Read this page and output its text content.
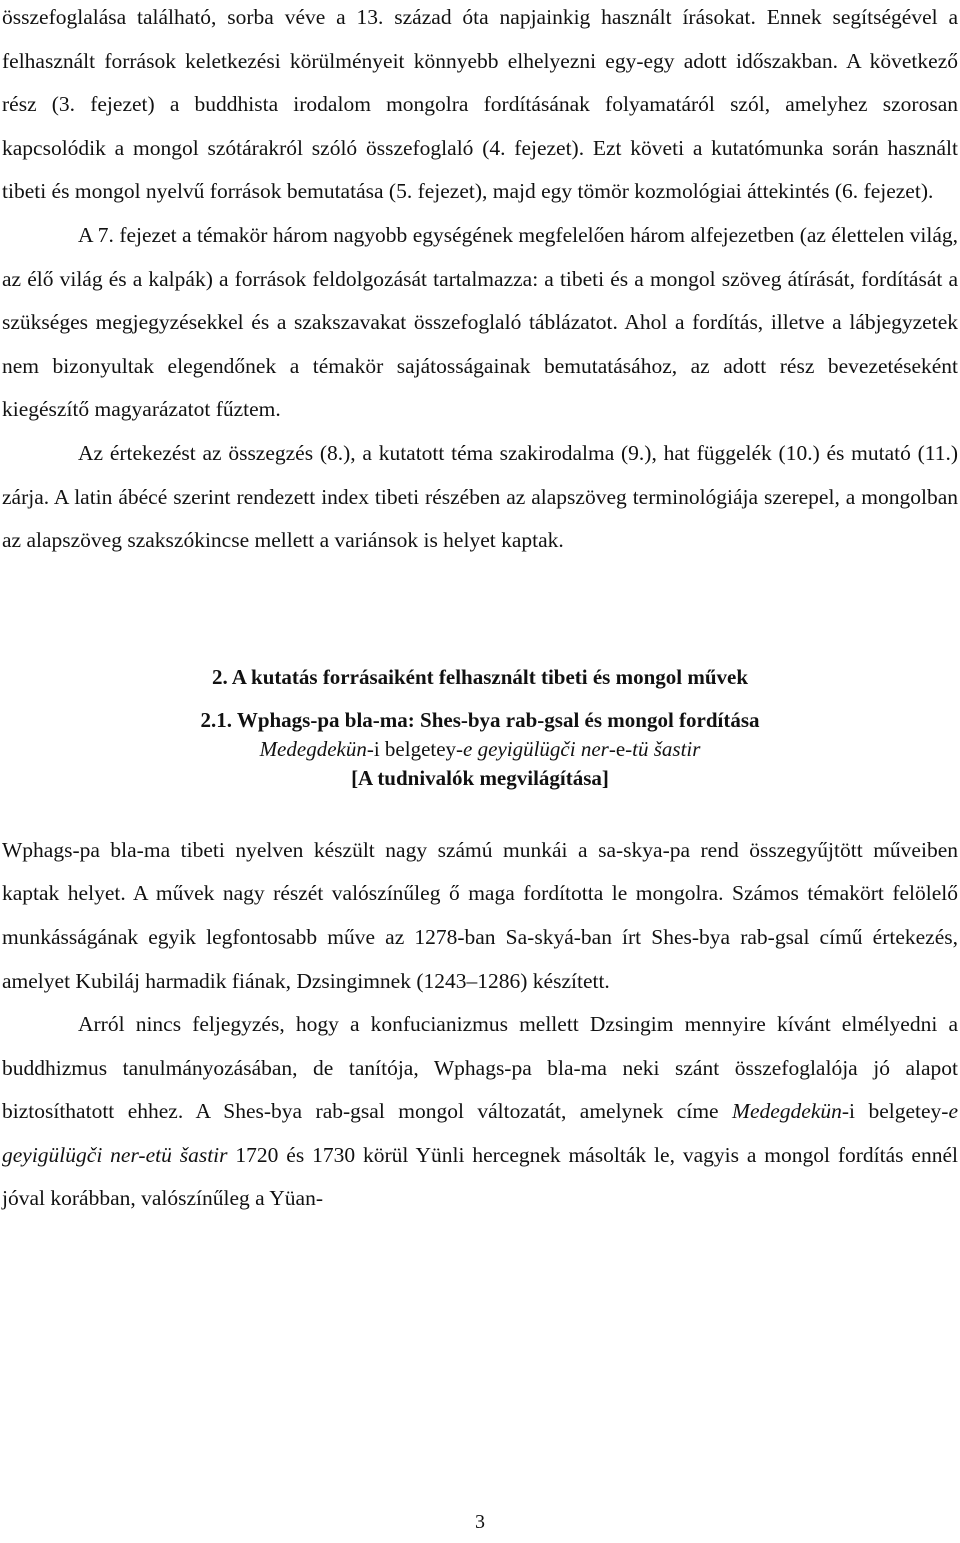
összefoglalása található, sorba véve a 13. század óta napjainkig használt írásokat. Ennek segítségével a felhasznált források keletkezési körülményeit könnyebb elhelyezni egy-egy adott időszakban. A következő rész (3. fejezet) a buddhista irodalom mongolra fordításának folyamatáról szól, amelyhez szorosan kapcsolódik a mongol szótárakról szóló összefoglaló (4. fejezet). Ezt követi a kutatómunka során használt tibeti és mongol nyelvű források bemutatása (5. fejezet), majd egy tömör kozmológiai áttekintés (6. fejezet).

A 7. fejezet a témakör három nagyobb egységének megfelelően három alfejezetben (az élettelen világ, az élő világ és a kalpák) a források feldolgozását tartalmazza: a tibeti és a mongol szöveg átírását, fordítását a szükséges megjegyzésekkel és a szakszavakat összefoglaló táblázatot. Ahol a fordítás, illetve a lábjegyzetek nem bizonyultak elegendőnek a témakör sajátosságainak bemutatásához, az adott rész bevezetéseként kiegészítő magyarázatot fűztem.

Az értekezést az összegzés (8.), a kutatott téma szakirodalma (9.), hat függelék (10.) és mutató (11.) zárja. A latin ábécé szerint rendezett index tibeti részében az alapszöveg terminológiája szerepel, a mongolban az alapszöveg szakszókincse mellett a variánsok is helyet kaptak.

2. A kutatás forrásaiként felhasznált tibeti és mongol művek
2.1. Wphags-pa bla-ma: Shes-bya rab-gsal és mongol fordítása

Medegdekün-i belgetey-e geyigülügči ner-e-tü šastir

[A tudnivalók megvilágítása]

Wphags-pa bla-ma tibeti nyelven készült nagy számú munkái a sa-skya-pa rend összegyűjtött műveiben kaptak helyet. A művek nagy részét valószínűleg ő maga fordította le mongolra. Számos témakört felölelő munkásságának egyik legfontosabb műve az 1278-ban Sa-skyá-ban írt Shes-bya rab-gsal című értekezés, amelyet Kubiláj harmadik fiának, Dzsingimnek (1243–1286) készített.

Arról nincs feljegyzés, hogy a konfucianizmus mellett Dzsingim mennyire kívánt elmélyedni a buddhizmus tanulmányozásában, de tanítója, Wphags-pa bla-ma neki szánt összefoglalója jó alapot biztosíthatott ehhez. A Shes-bya rab-gsal mongol változatát, amelynek címe Medegdekün-i belgetey-e geyigülügči ner-etü šastir 1720 és 1730 körül Yünli hercegnek másolták le, vagyis a mongol fordítás ennél jóval korábban, valószínűleg a Yüan-

3
